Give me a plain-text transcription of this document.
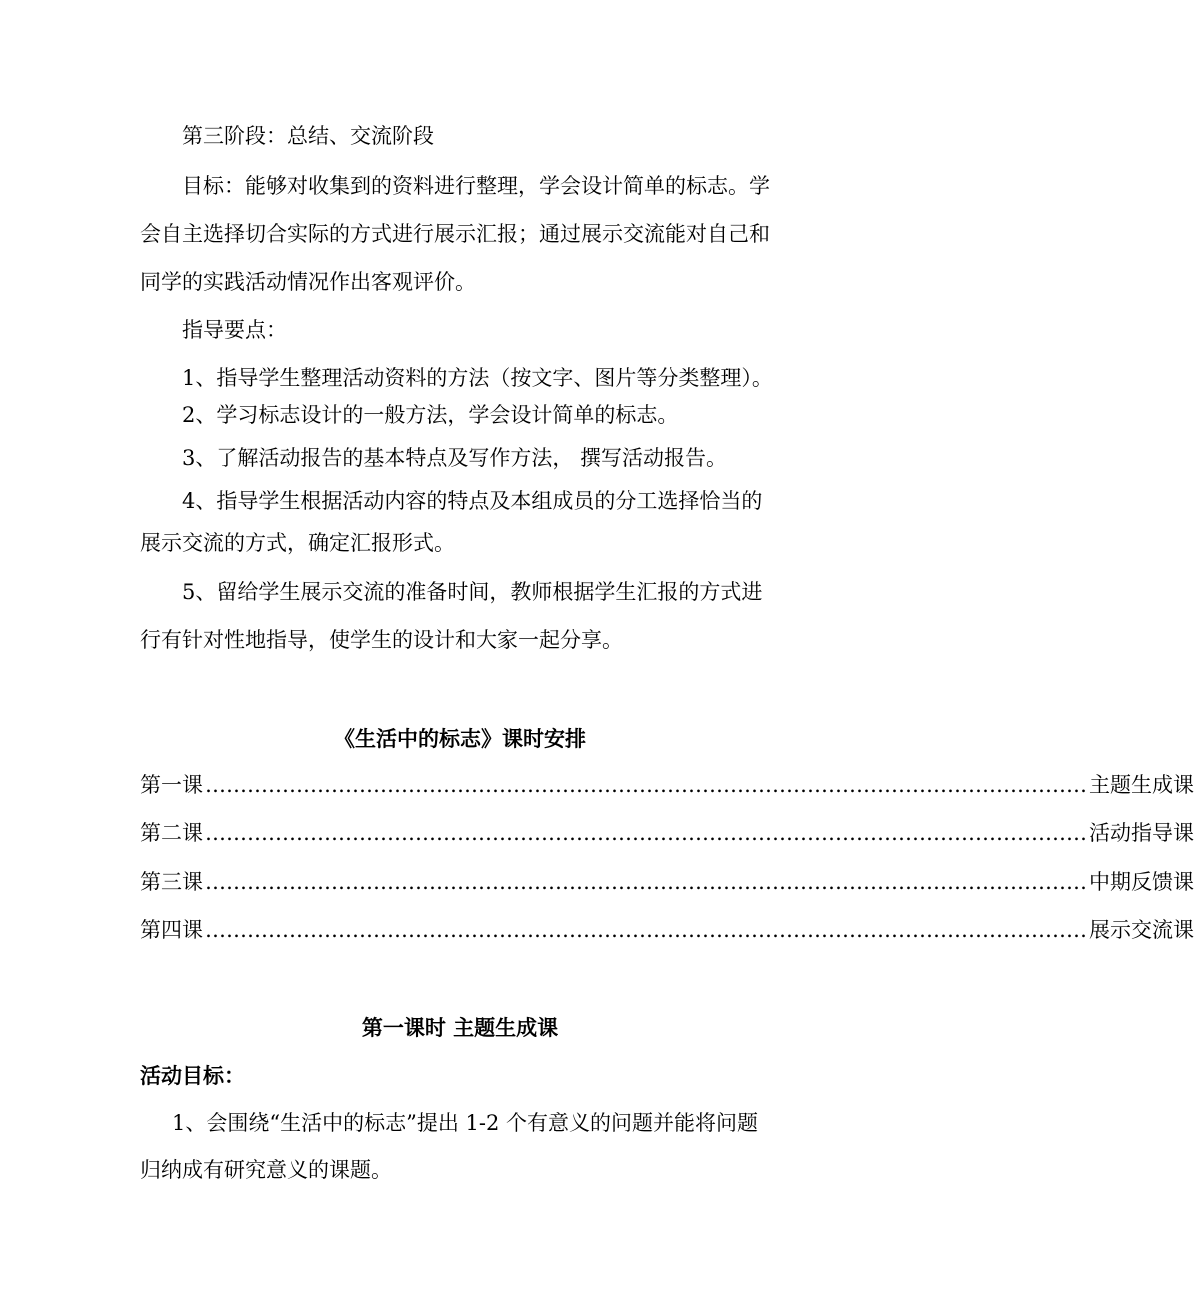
第三阶段：总结、交流阶段
目标：能够对收集到的资料进行整理，学会设计简单的标志。学
会自主选择切合实际的方式进行展示汇报；通过展示交流能对自己和
同学的实践活动情况作出客观评价。
指导要点：
1、指导学生整理活动资料的方法（按文字、图片等分类整理）。
2、学习标志设计的一般方法，学会设计简单的标志。
3、了解活动报告的基本特点及写作方法， 撰写活动报告。
4、指导学生根据活动内容的特点及本组成员的分工选择恰当的
展示交流的方式，确定汇报形式。
5、留给学生展示交流的准备时间，教师根据学生汇报的方式进
行有针对性地指导，使学生的设计和大家一起分享。
《生活中的标志》课时安排
第一课 ……………………………………………………………………………………………………………… 主题生成课
第二课 ……………………………………………………………………………………………………………… 活动指导课
第三课 ……………………………………………………………………………………………………………… 中期反馈课
第四课 ……………………………………………………………………………………………………………… 展示交流课
第一课时 主题生成课
活动目标：
1、会围绕“生活中的标志”提出 1-2 个有意义的问题并能将问题
归纳成有研究意义的课题。
